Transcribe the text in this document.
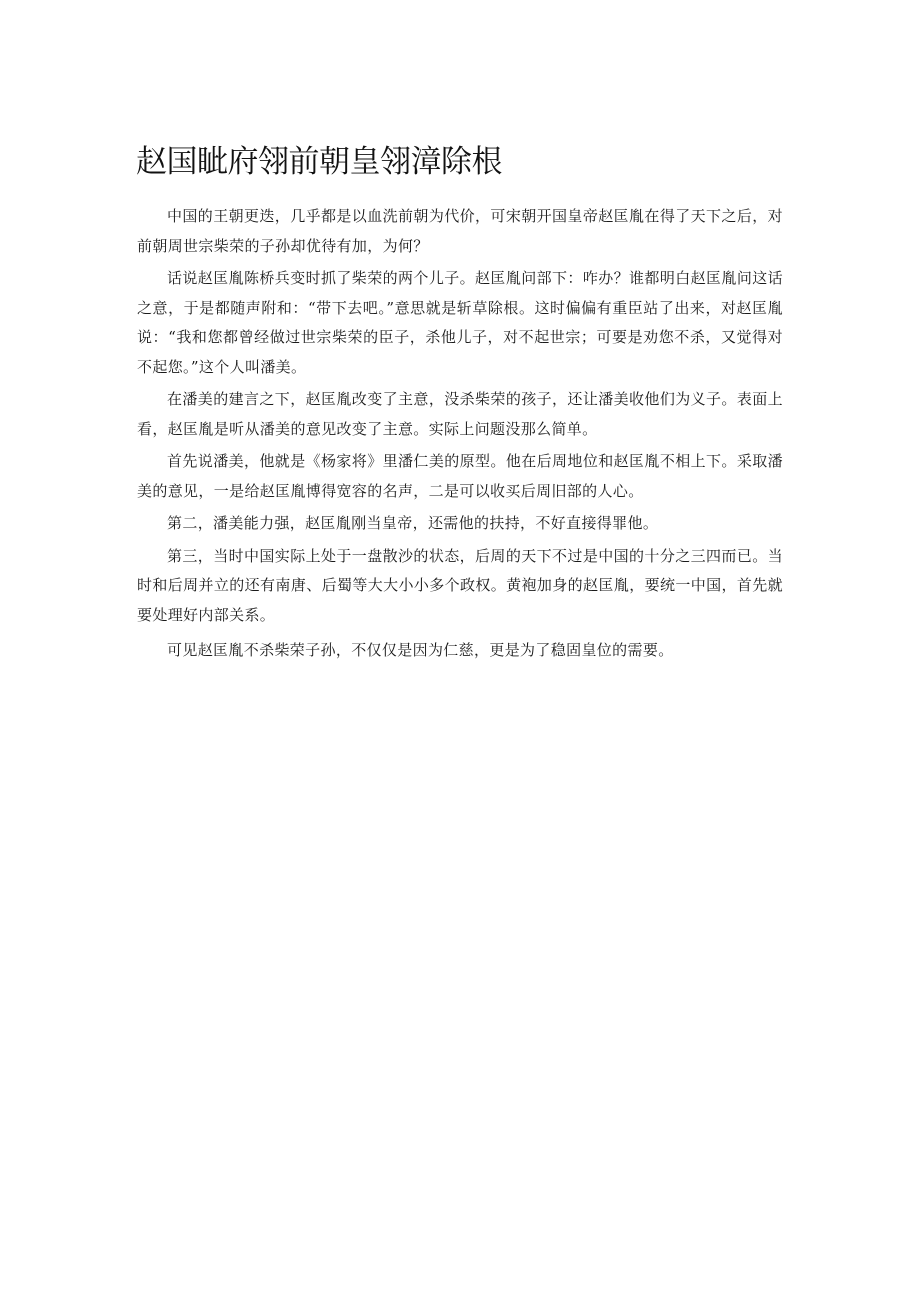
赵国眦府翎前朝皇翎漳除根

中国的王朝更迭，几乎都是以血洗前朝为代价，可宋朝开国皇帝赵匡胤在得了天下之后，对前朝周世宗柴荣的子孙却优待有加，为何？

话说赵匡胤陈桥兵变时抓了柴荣的两个儿子。赵匡胤问部下：咋办？谁都明白赵匡胤问这话之意，于是都随声附和：“带下去吧。”意思就是斩草除根。这时偏偏有重臣站了出来，对赵匡胤说：“我和您都曾经做过世宗柴荣的臣子，杀他儿子，对不起世宗；可要是劝您不杀，又觉得对不起您。”这个人叫潘美。

在潘美的建言之下，赵匡胤改变了主意，没杀柴荣的孩子，还让潘美收他们为义子。表面上看，赵匡胤是听从潘美的意见改变了主意。实际上问题没那么简单。

首先说潘美，他就是《杨家将》里潘仁美的原型。他在后周地位和赵匡胤不相上下。采取潘美的意见，一是给赵匡胤博得宽容的名声，二是可以收买后周旧部的人心。

第二，潘美能力强，赵匡胤刚当皇帝，还需他的扶持，不好直接得罪他。

第三，当时中国实际上处于一盘散沙的状态，后周的天下不过是中国的十分之三四而已。当时和后周并立的还有南唐、后蜀等大大小小多个政权。黄袍加身的赵匡胤，要统一中国，首先就要处理好内部关系。

可见赵匡胤不杀柴荣子孙，不仅仅是因为仁慈，更是为了稳固皇位的需要。
